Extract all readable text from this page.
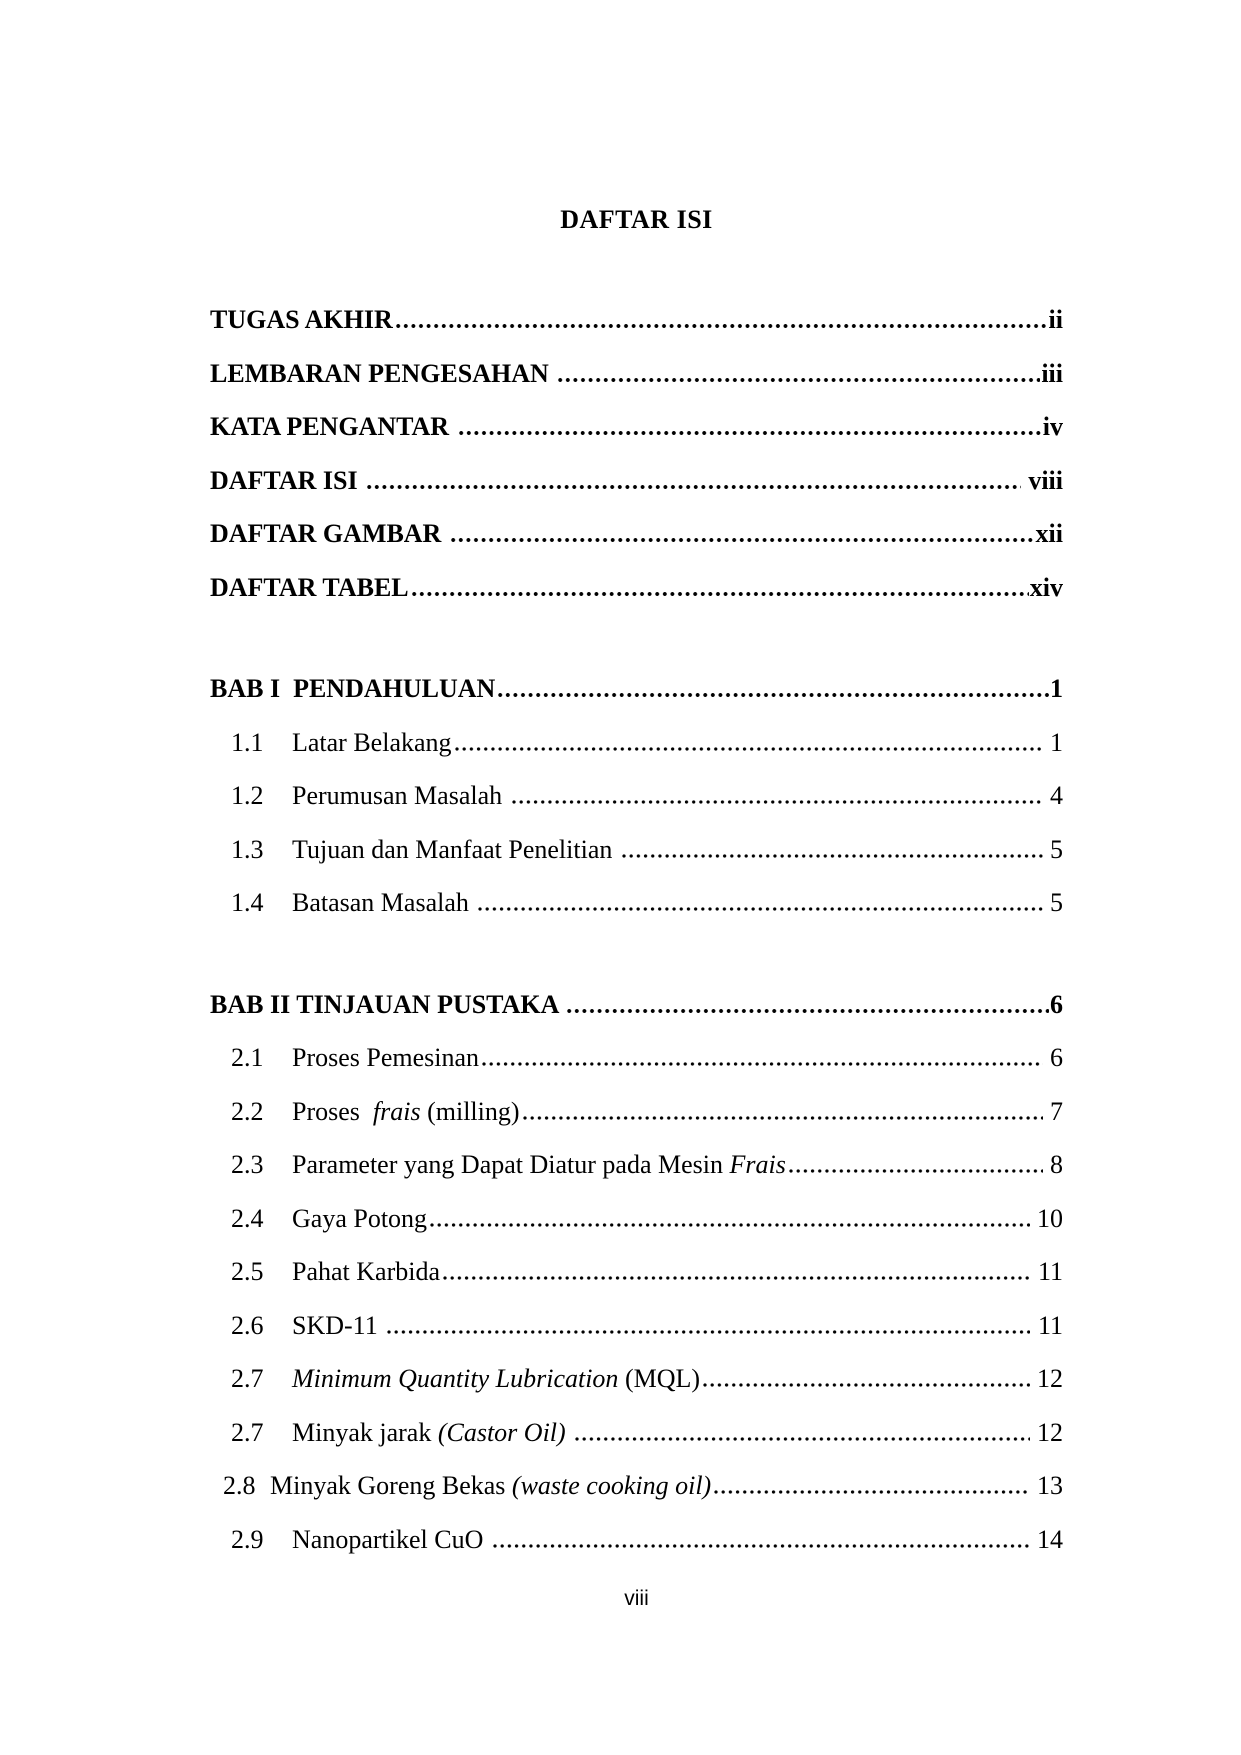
DAFTAR ISI
TUGAS AKHIR	ii
LEMBARAN PENGESAHAN	iii
KATA PENGANTAR	iv
DAFTAR ISI	viii
DAFTAR GAMBAR	xii
DAFTAR TABEL	xiv
BAB I  PENDAHULUAN	1
1.1	Latar Belakang	1
1.2	Perumusan Masalah	4
1.3	Tujuan dan Manfaat Penelitian	5
1.4	Batasan Masalah	5
BAB II TINJAUAN PUSTAKA	6
2.1	Proses Pemesinan	6
2.2	Proses  frais (milling)	7
2.3	Parameter yang Dapat Diatur pada Mesin Frais	8
2.4	Gaya Potong	10
2.5	Pahat Karbida	11
2.6	SKD-11	11
2.7	Minimum Quantity Lubrication (MQL)	12
2.7	Minyak jarak (Castor Oil)	12
2.8 Minyak Goreng Bekas (waste cooking oil)	13
2.9	Nanopartikel CuO	14
viii
